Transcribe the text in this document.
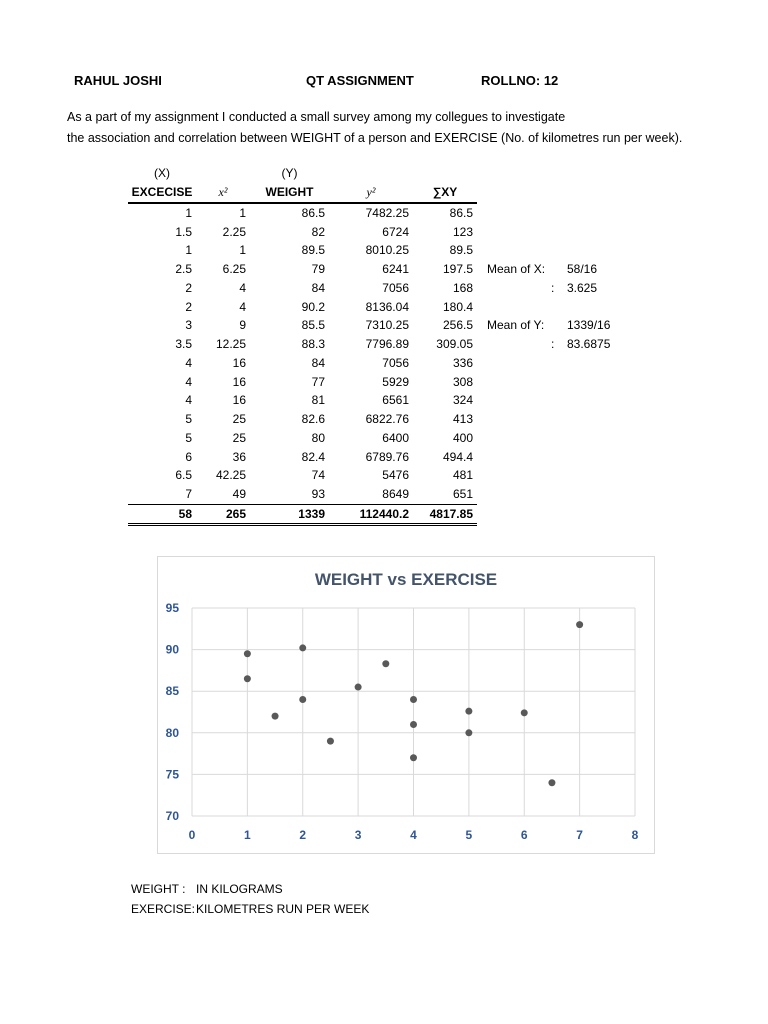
RAHUL JOSHI	QT ASSIGNMENT	ROLLNO: 12
As a part of my assignment I conducted a small survey among my collegues to investigate
the association and correlation between WEIGHT of a person and EXERCISE (No. of kilometres run per week).
(X)		(Y)		
EXCECISE	x²	WEIGHT	y²	∑XY
1	1	86.5	7482.25	86.5
1.5	2.25	82	6724	123
1	1	89.5	8010.25	89.5
2.5	6.25	79	6241	197.5
2	4	84	7056	168
2	4	90.2	8136.04	180.4
3	9	85.5	7310.25	256.5
3.5	12.25	88.3	7796.89	309.05
4	16	84	7056	336
4	16	77	5929	308
4	16	81	6561	324
5	25	82.6	6822.76	413
5	25	80	6400	400
6	36	82.4	6789.76	494.4
6.5	42.25	74	5476	481
7	49	93	8649	651
58	265	1339	112440.2	4817.85
Mean of X: 58/16
: 3.625
Mean of Y: 1339/16
: 83.6875
WEIGHT vs EXERCISE
70
75
80
85
90
95
0	1	2	3	4	5	6	7	8
WEIGHT : IN KILOGRAMS
EXERCISE: KILOMETRES RUN PER WEEK
